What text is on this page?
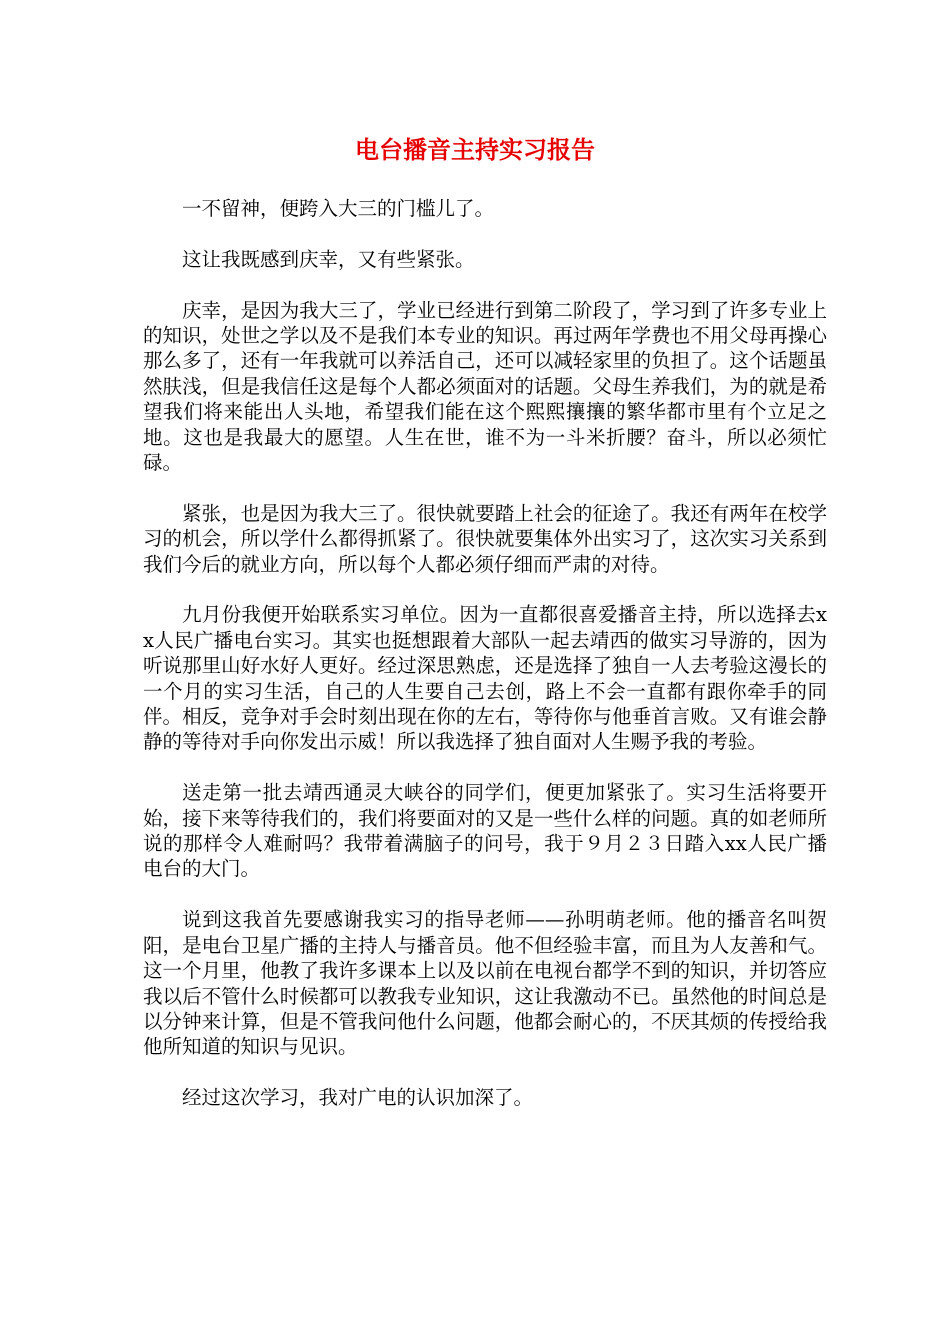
电台播音主持实习报告

一不留神，便跨入大三的门槛儿了。

这让我既感到庆幸，又有些紧张。

庆幸，是因为我大三了，学业已经进行到第二阶段了，学习到了许多专业上的知识，处世之学以及不是我们本专业的知识。再过两年学费也不用父母再操心那么多了，还有一年我就可以养活自己，还可以减轻家里的负担了。这个话题虽然肤浅，但是我信任这是每个人都必须面对的话题。父母生养我们，为的就是希望我们将来能出人头地，希望我们能在这个熙熙攘攘的繁华都市里有个立足之地。这也是我最大的愿望。人生在世，谁不为一斗米折腰？奋斗，所以必须忙碌。

紧张，也是因为我大三了。很快就要踏上社会的征途了。我还有两年在校学习的机会，所以学什么都得抓紧了。很快就要集体外出实习了，这次实习关系到我们今后的就业方向，所以每个人都必须仔细而严肃的对待。

九月份我便开始联系实习单位。因为一直都很喜爱播音主持，所以选择去xx人民广播电台实习。其实也挺想跟着大部队一起去靖西的做实习导游的，因为听说那里山好水好人更好。经过深思熟虑，还是选择了独自一人去考验这漫长的一个月的实习生活，自己的人生要自己去创，路上不会一直都有跟你牵手的同伴。相反，竞争对手会时刻出现在你的左右，等待你与他垂首言败。又有谁会静静的等待对手向你发出示威！所以我选择了独自面对人生赐予我的考验。

送走第一批去靖西通灵大峡谷的同学们，便更加紧张了。实习生活将要开始，接下来等待我们的，我们将要面对的又是一些什么样的问题。真的如老师所说的那样令人难耐吗？我带着满脑子的问号，我于９月２３日踏入xx人民广播电台的大门。

说到这我首先要感谢我实习的指导老师——孙明萌老师。他的播音名叫贺阳，是电台卫星广播的主持人与播音员。他不但经验丰富，而且为人友善和气。这一个月里，他教了我许多课本上以及以前在电视台都学不到的知识，并切答应我以后不管什么时候都可以教我专业知识，这让我激动不已。虽然他的时间总是以分钟来计算，但是不管我问他什么问题，他都会耐心的，不厌其烦的传授给我他所知道的知识与见识。

经过这次学习，我对广电的认识加深了。
